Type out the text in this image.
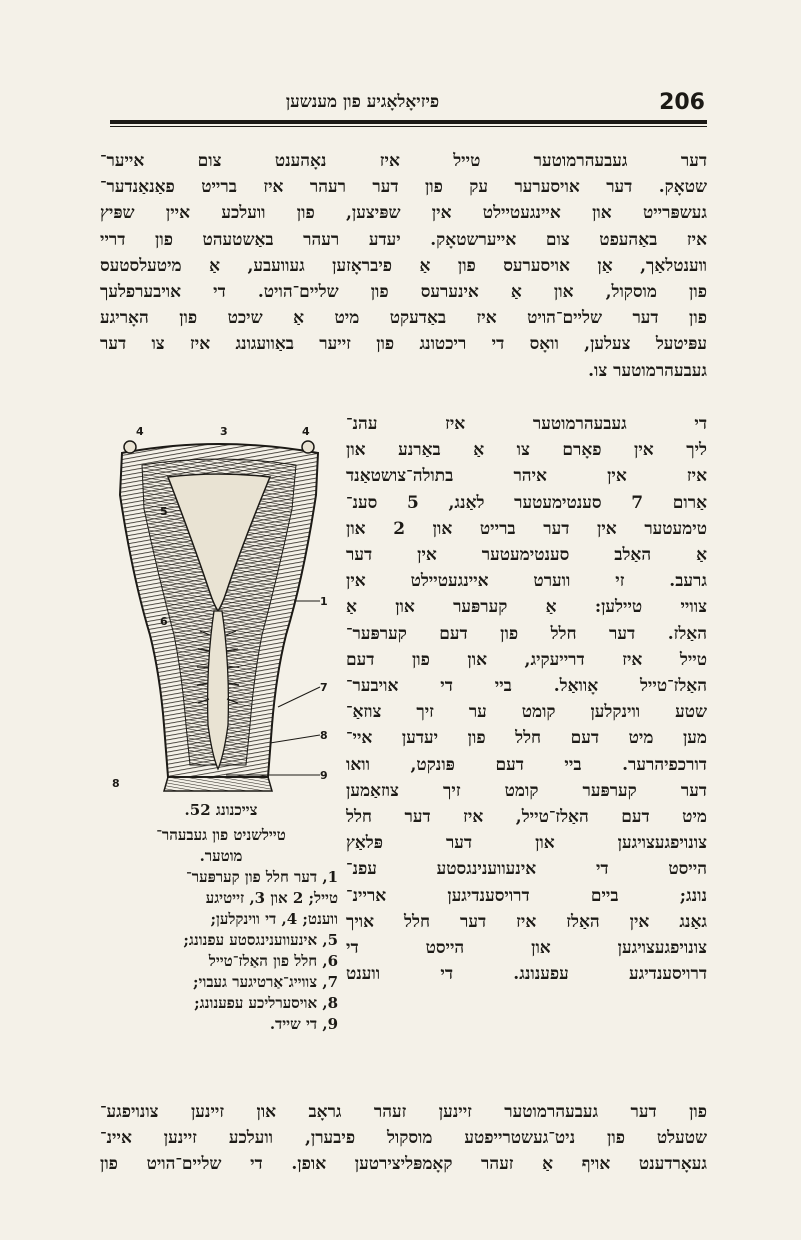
206
פיזיאָלאָגיע פון מענשען
דער געבעהרמוטער טייל איז נאָהענט צום אייער־
שטאָק. דער אויסערער עק פון דער רעהר איז ברייט פאַנאַנדער־
געשפּרייט און איינגעטיילט אין שפּיצען, פון וועלכע איין שפּיץ
איז באַהעפט צום אייערשטאָק. יעדע רעהר באַשטעהט פון דריי
װענטלאַך, אַן אויסערעס פון אַ פיבראָזען געוועבע, אַ מיטעלסטעס
פון מוסקול, און אַ אינערעס פון שליים־הויט. די אויבערפלעך
פון דער שליים־הויט איז באַדעקט מיט אַ שיכט פון האָריגע
עפּיטעל צעלען, וואָס די ריכטונג פון זייער באַוועגונג איז צו דער
געבעהרמוטער צו.
די געבעהרמוטער איז עהנ־
ליך אין פאָרם צו אַ באַרנע און
איז אין איהר בתולה־צושטאַנד
אַרום 7 סענטימעטער לאַנג, 5 סענ־
טימעטער אין דער ברייט און 2 און
אַ האַלב סענטימעטער אין דער
גרעב. זי ווערט איינגעטיילט אין
צוויי טיילען: אַ קערפּער און אַ
האַלז. דער חלל פון דעם קערפּער־
טייל איז דרייעקיג, און פון דעם
האַלז־טייל אָוואַל. ביי די אויבער־
שטע ווינקלען קומט ער זיך צוזאַ־
מען מיט דעם חלל פון יעדען איי־
דורכפיהרער. ביי דעם פּונקט, וואו
דער קערפּער קומט זיך צוזאַמען
מיט דעם האַלז־טייל, איז דער חלל
צונויפגעצויגען און דער פּלאַץ
הייסט די אינעווענינגסטע עפנ־
נונג; ביים דרויסענדיגען אריינ־
גאַנג אין האַלז איז דער חלל אויך
צונויפגעצויגען און הייסט די
דרויסענדיגע עפענונג. די ווענט
4	3	4
5
6
1
7
8
9
8
צייכנונג 52.
טיילשניט פון געבעהר־
מוטער.
1, דער חלל פון קערפּער־
טייל; 2 און 3, זייטיגע
ווענט; 4, די ווינקלען;
5, אינעווענינגסטע עפנונג;
6, חלל פון האַלז־טייל
7, צווייג־אַרטיגער געבוי;
8, אויסערליכע עפענונג;
9, די שייד.
פון דער געבעהרמוטער זיינען זעהר גראָב און זיינען צונויפגע־
שטעלט פון ניט־געשטרייפטע מוסקול פיבערן, וועלכע זיינען איינ־
געאָרדענט אויף אַ זעהר קאָמפּליצירטען אופן. די שליים־הויט פון
